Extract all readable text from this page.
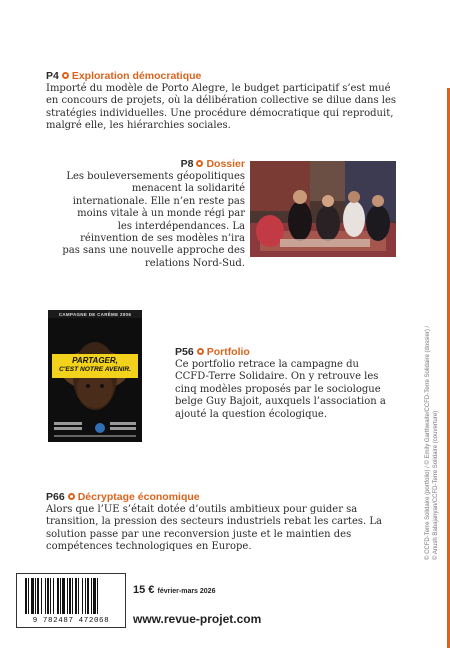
P4 Exploration démocratique
Importé du modèle de Porto Alegre, le budget participatif s’est mué en concours de projets, où la délibération collective se dilue dans les stratégies individuelles. Une procédure démocratique qui reproduit, malgré elle, les hiérarchies sociales.
P8 Dossier
Les bouleversements géopolitiques menacent la solidarité internationale. Elle n’en reste pas moins vitale à un monde régi par les interdépendances. La réinvention de ses modèles n’ira pas sans une nouvelle approche des relations Nord-Sud.
CAMPAGNE DE CARÊME 2006
PARTAGER,
C'EST NOTRE AVENIR.
P56 Portfolio
Ce portfolio retrace la campagne du CCFD-Terre Solidaire. On y retrouve les cinq modèles proposés par le sociologue belge Guy Bajoit, auxquels l’association a ajouté la question écologique.
P66 Décryptage économique
Alors que l’UE s’était dotée d’outils ambitieux pour guider sa transition, la pression des secteurs industriels rebat les cartes. La solution passe par une reconversion juste et le maintien des compétences technologiques en Europe.	© CCFD-Terre Solidaire (portfolio) / © Emily Garthwaite/CCFD-Terre Solidaire (dossier) / © Anush Babajanyan/CCFD-Terre Solidaire (couverture)
9 782487 472068
15 € février-mars 2026
www.revue-projet.com
